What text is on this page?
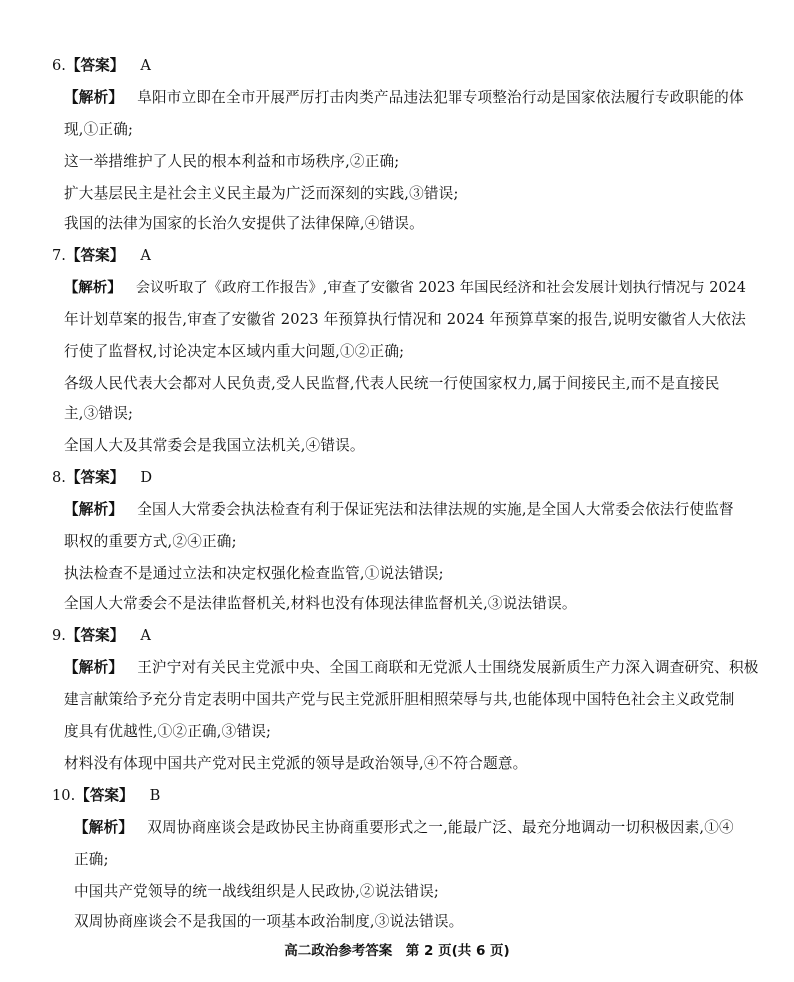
6.【答案】 A
【解析】 阜阳市立即在全市开展严厉打击肉类产品违法犯罪专项整治行动是国家依法履行专政职能的体
现,①正确;
这一举措维护了人民的根本利益和市场秩序,②正确;
扩大基层民主是社会主义民主最为广泛而深刻的实践,③错误;
我国的法律为国家的长治久安提供了法律保障,④错误。
7.【答案】 A
【解析】 会议听取了《政府工作报告》,审查了安徽省 2023 年国民经济和社会发展计划执行情况与 2024
年计划草案的报告,审查了安徽省 2023 年预算执行情况和 2024 年预算草案的报告,说明安徽省人大依法
行使了监督权,讨论决定本区域内重大问题,①②正确;
各级人民代表大会都对人民负责,受人民监督,代表人民统一行使国家权力,属于间接民主,而不是直接民
主,③错误;
全国人大及其常委会是我国立法机关,④错误。
8.【答案】 D
【解析】 全国人大常委会执法检查有利于保证宪法和法律法规的实施,是全国人大常委会依法行使监督
职权的重要方式,②④正确;
执法检查不是通过立法和决定权强化检查监管,①说法错误;
全国人大常委会不是法律监督机关,材料也没有体现法律监督机关,③说法错误。
9.【答案】 A
【解析】 王沪宁对有关民主党派中央、全国工商联和无党派人士围绕发展新质生产力深入调查研究、积极
建言献策给予充分肯定表明中国共产党与民主党派肝胆相照荣辱与共,也能体现中国特色社会主义政党制
度具有优越性,①②正确,③错误;
材料没有体现中国共产党对民主党派的领导是政治领导,④不符合题意。
10.【答案】 B
【解析】 双周协商座谈会是政协民主协商重要形式之一,能最广泛、最充分地调动一切积极因素,①④
正确;
中国共产党领导的统一战线组织是人民政协,②说法错误;
双周协商座谈会不是我国的一项基本政治制度,③说法错误。
高二政治参考答案　第 2 页(共 6 页)
